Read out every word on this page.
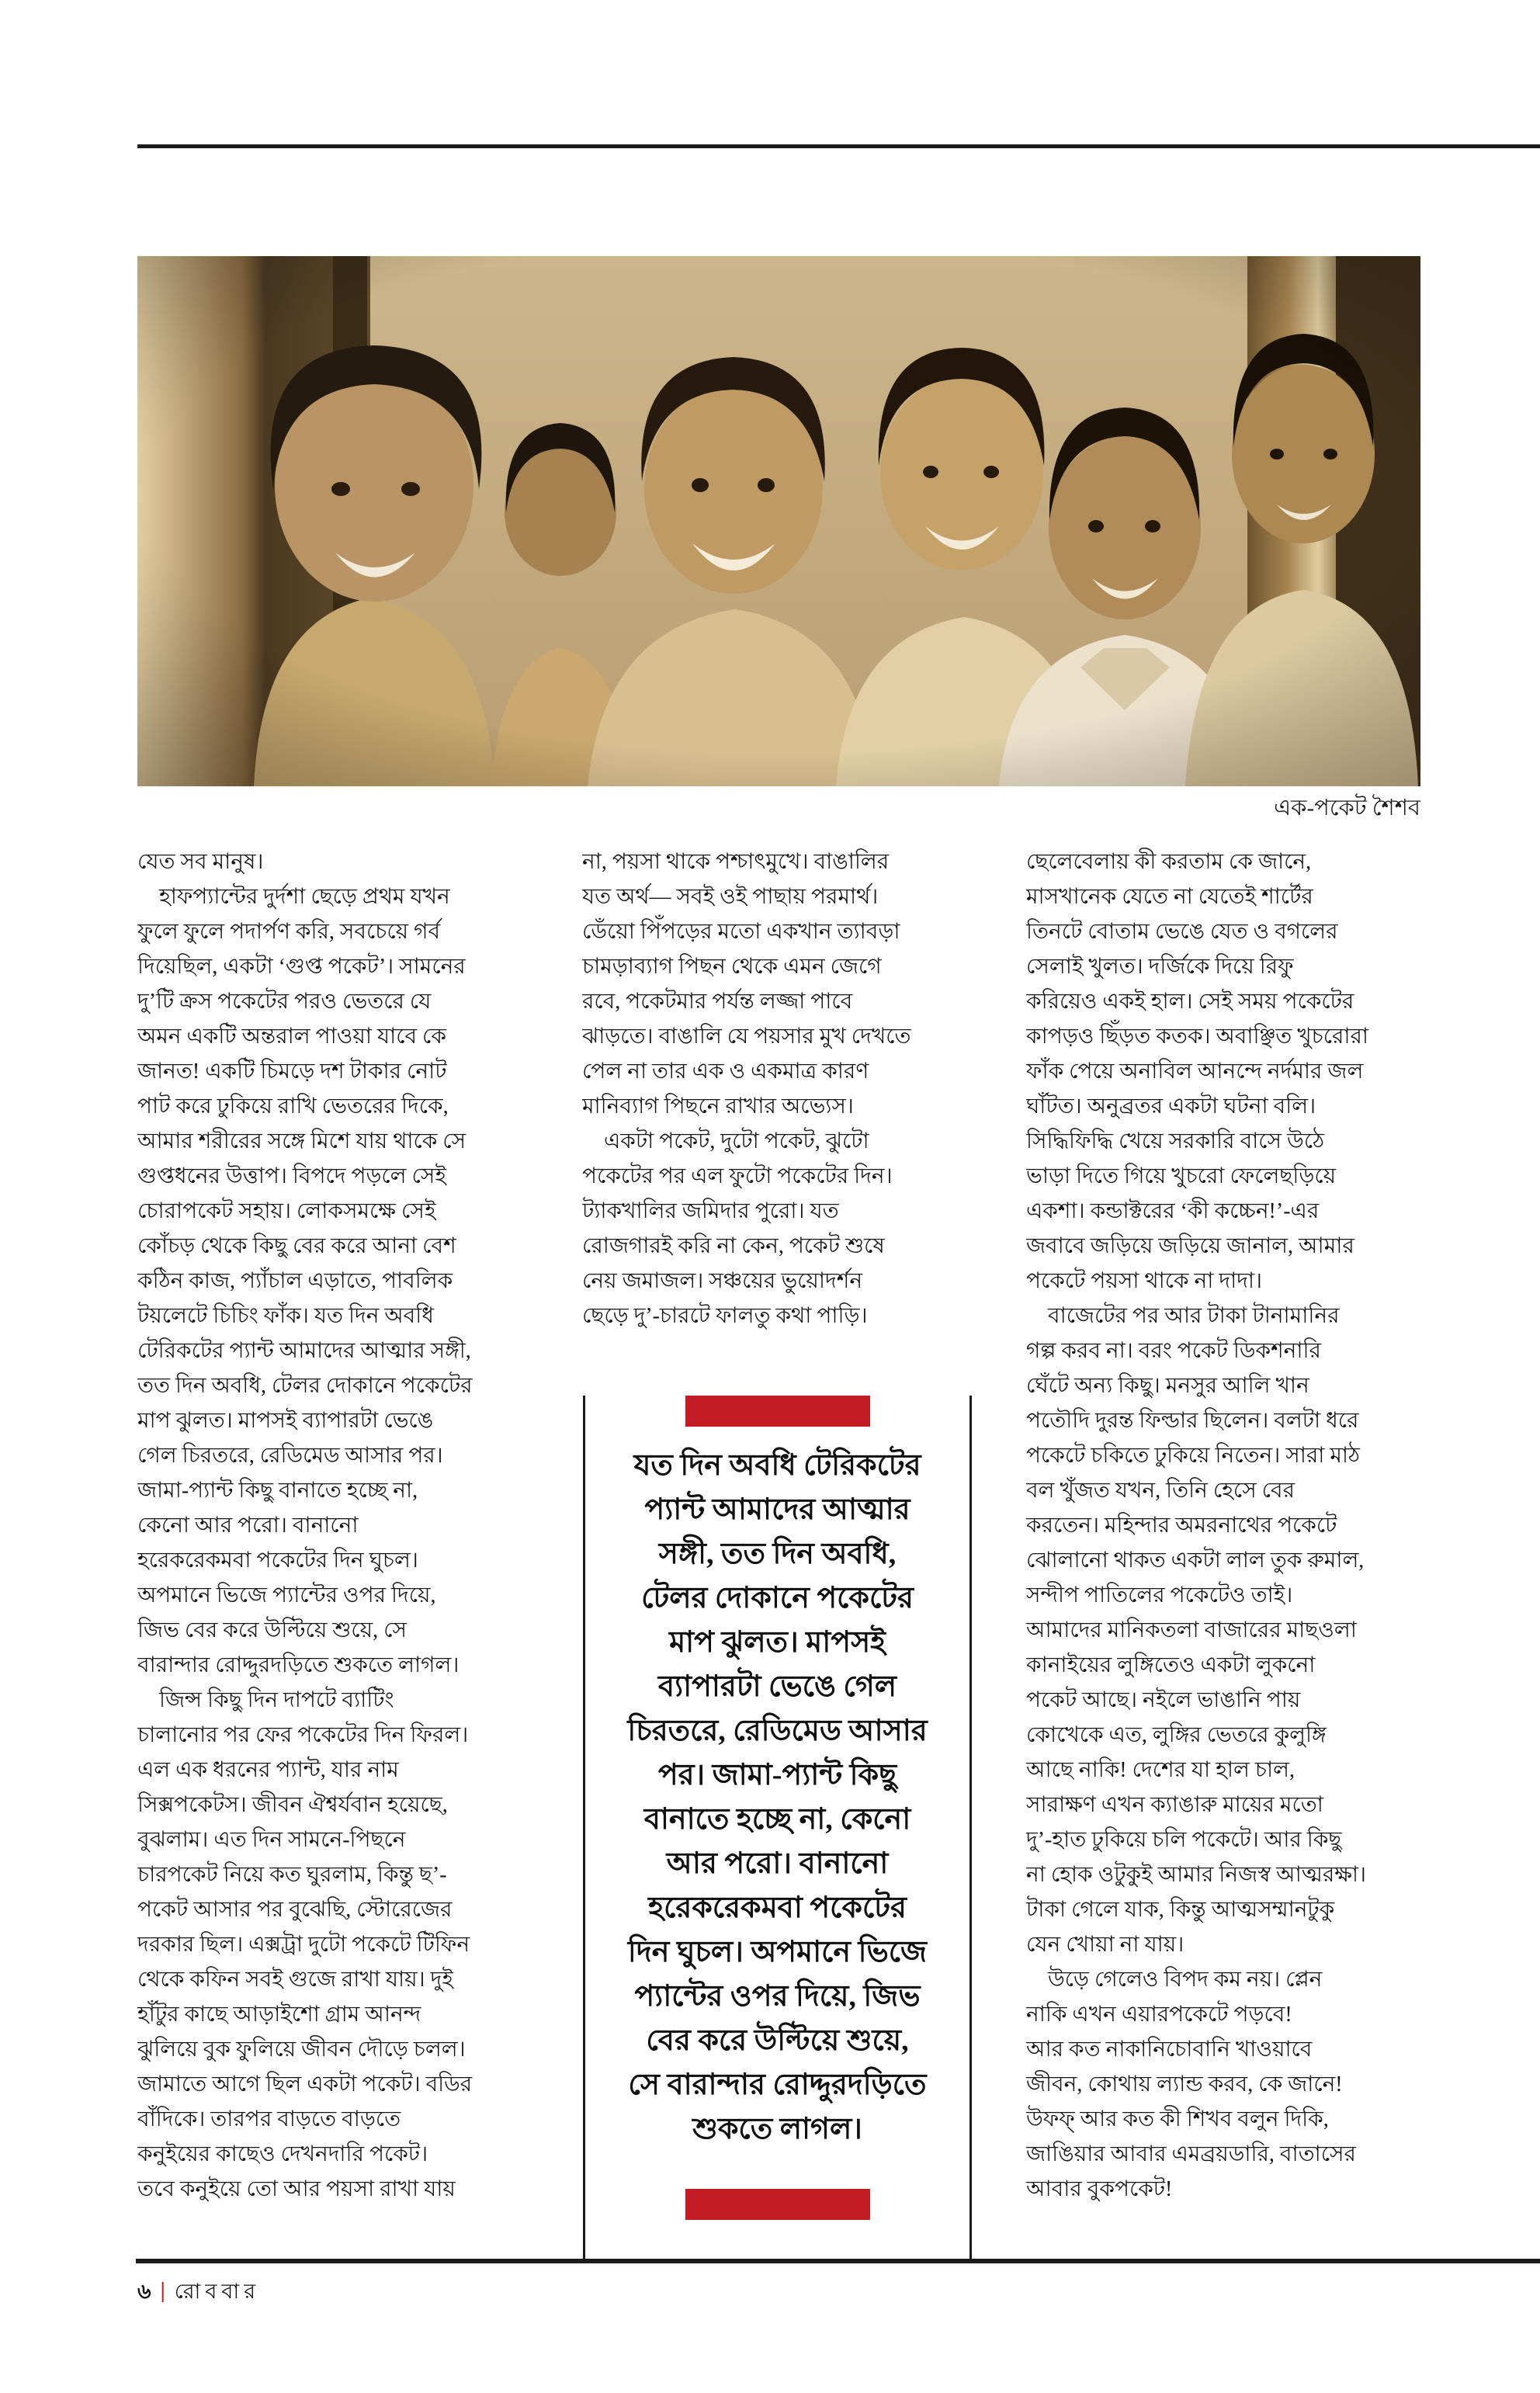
এক-পকেট শৈশব
যেত সব মানুষ।
 হাফপ্যান্টের দুর্দশা ছেড়ে প্রথম যখন
ফুলে ফুলে পদার্পণ করি, সবচেয়ে গর্ব
দিয়েছিল, একটা ‘গুপ্ত পকেট’। সামনের
দু’টি ক্রস পকেটের পরও ভেতরে যে
অমন একটি অন্তরাল পাওয়া যাবে কে
জানত! একটি চিমড়ে দশ টাকার নোট
পাট করে ঢুকিয়ে রাখি ভেতরের দিকে,
আমার শরীরের সঙ্গে মিশে যায় থাকে সে
গুপ্তধনের উত্তাপ। বিপদে পড়লে সেই
চোরাপকেট সহায়। লোকসমক্ষে সেই
কোঁচড় থেকে কিছু বের করে আনা বেশ
কঠিন কাজ, প্যাঁচাল এড়াতে, পাবলিক
টয়লেটে চিচিং ফাঁক। যত দিন অবধি
টেরিকটের প্যান্ট আমাদের আত্মার সঙ্গী,
তত দিন অবধি, টেলর দোকানে পকেটের
মাপ ঝুলত। মাপসই ব্যাপারটা ভেঙে
গেল চিরতরে, রেডিমেড আসার পর।
জামা-প্যান্ট কিছু বানাতে হচ্ছে না,
কেনো আর পরো। বানানো
হরেকরেকমবা পকেটের দিন ঘুচল।
অপমানে ভিজে প্যান্টের ওপর দিয়ে,
জিভ বের করে উল্টিয়ে শুয়ে, সে
বারান্দার রোদ্দুরদড়িতে শুকতে লাগল।
 জিন্স কিছু দিন দাপটে ব্যাটিং
চালানোর পর ফের পকেটের দিন ফিরল।
এল এক ধরনের প্যান্ট, যার নাম
সিক্সপকেটস। জীবন ঐশ্বর্যবান হয়েছে,
বুঝলাম। এত দিন সামনে-পিছনে
চারপকেট নিয়ে কত ঘুরলাম, কিন্তু ছ’-
পকেট আসার পর বুঝেছি, স্টোরেজের
দরকার ছিল। এক্সট্রা দুটো পকেটে টিফিন
থেকে কফিন সবই গুজে রাখা যায়। দুই
হাঁটুর কাছে আড়াইশো গ্রাম আনন্দ
ঝুলিয়ে বুক ফুলিয়ে জীবন দৌড়ে চলল।
জামাতে আগে ছিল একটা পকেট। বডির
বাঁদিকে। তারপর বাড়তে বাড়তে
কনুইয়ের কাছেও দেখনদারি পকেট।
তবে কনুইয়ে তো আর পয়সা রাখা যায়
না, পয়সা থাকে পশ্চাৎমুখে। বাঙালির
যত অর্থ— সবই ওই পাছায় পরমার্থ।
ডেঁয়ো পিঁপড়ের মতো একখান ত্যাবড়া
চামড়াব্যাগ পিছন থেকে এমন জেগে
রবে, পকেটমার পর্যন্ত লজ্জা পাবে
ঝাড়তে। বাঙালি যে পয়সার মুখ দেখতে
পেল না তার এক ও একমাত্র কারণ
মানিব্যাগ পিছনে রাখার অভ্যেস।
 একটা পকেট, দুটো পকেট, ঝুটো
পকেটের পর এল ফুটো পকেটের দিন।
ট্যাকখালির জমিদার পুরো। যত
রোজগারই করি না কেন, পকেট শুষে
নেয় জমাজল। সঞ্চয়ের ভুয়োদর্শন
ছেড়ে দু’-চারটে ফালতু কথা পাড়ি।
যত দিন অবধি টেরিকটের
প্যান্ট আমাদের আত্মার
সঙ্গী, তত দিন অবধি,
টেলর দোকানে পকেটের
মাপ ঝুলত। মাপসই
ব্যাপারটা ভেঙে গেল
চিরতরে, রেডিমেড আসার
পর। জামা-প্যান্ট কিছু
বানাতে হচ্ছে না, কেনো
আর পরো। বানানো
হরেকরেকমবা পকেটের
দিন ঘুচল। অপমানে ভিজে
প্যান্টের ওপর দিয়ে, জিভ
বের করে উল্টিয়ে শুয়ে,
সে বারান্দার রোদ্দুরদড়িতে
শুকতে লাগল।
ছেলেবেলায় কী করতাম কে জানে,
মাসখানেক যেতে না যেতেই শার্টের
তিনটে বোতাম ভেঙে যেত ও বগলের
সেলাই খুলত। দর্জিকে দিয়ে রিফু
করিয়েও একই হাল। সেই সময় পকেটের
কাপড়ও ছিঁড়ত কতক। অবাঞ্ছিত খুচরোরা
ফাঁক পেয়ে অনাবিল আনন্দে নর্দমার জল
ঘাঁটত। অনুব্রতর একটা ঘটনা বলি।
সিদ্ধিফিদ্ধি খেয়ে সরকারি বাসে উঠে
ভাড়া দিতে গিয়ে খুচরো ফেলেছড়িয়ে
একশা। কন্ডাক্টরের ‘কী কচ্চেন!’-এর
জবাবে জড়িয়ে জড়িয়ে জানাল, আমার
পকেটে পয়সা থাকে না দাদা।
 বাজেটের পর আর টাকা টানামানির
গল্প করব না। বরং পকেট ডিকশনারি
ঘেঁটে অন্য কিছু। মনসুর আলি খান
পতৌদি দুরন্ত ফিল্ডার ছিলেন। বলটা ধরে
পকেটে চকিতে ঢুকিয়ে নিতেন। সারা মাঠ
বল খুঁজত যখন, তিনি হেসে বের
করতেন। মহিন্দার অমরনাথের পকেটে
ঝোলানো থাকত একটা লাল তুক রুমাল,
সন্দীপ পাতিলের পকেটেও তাই।
আমাদের মানিকতলা বাজারের মাছওলা
কানাইয়ের লুঙ্গিতেও একটা লুকনো
পকেট আছে। নইলে ভাঙানি পায়
কোখেকে এত, লুঙ্গির ভেতরে কুলুঙ্গি
আছে নাকি! দেশের যা হাল চাল,
সারাক্ষণ এখন ক্যাঙারু মায়ের মতো
দু’-হাত ঢুকিয়ে চলি পকেটে। আর কিছু
না হোক ওটুকুই আমার নিজস্ব আত্মরক্ষা।
টাকা গেলে যাক, কিন্তু আত্মসম্মানটুকু
যেন খোয়া না যায়।
 উড়ে গেলেও বিপদ কম নয়। প্লেন
নাকি এখন এয়ারপকেটে পড়বে!
আর কত নাকানিচোবানি খাওয়াবে
জীবন, কোথায় ল্যান্ড করব, কে জানে!
উফফ্ আর কত কী শিখব বলুন দিকি,
জাঙিয়ার আবার এমব্রয়ডারি, বাতাসের
আবার বুকপকেট!
৬ | রোববার
